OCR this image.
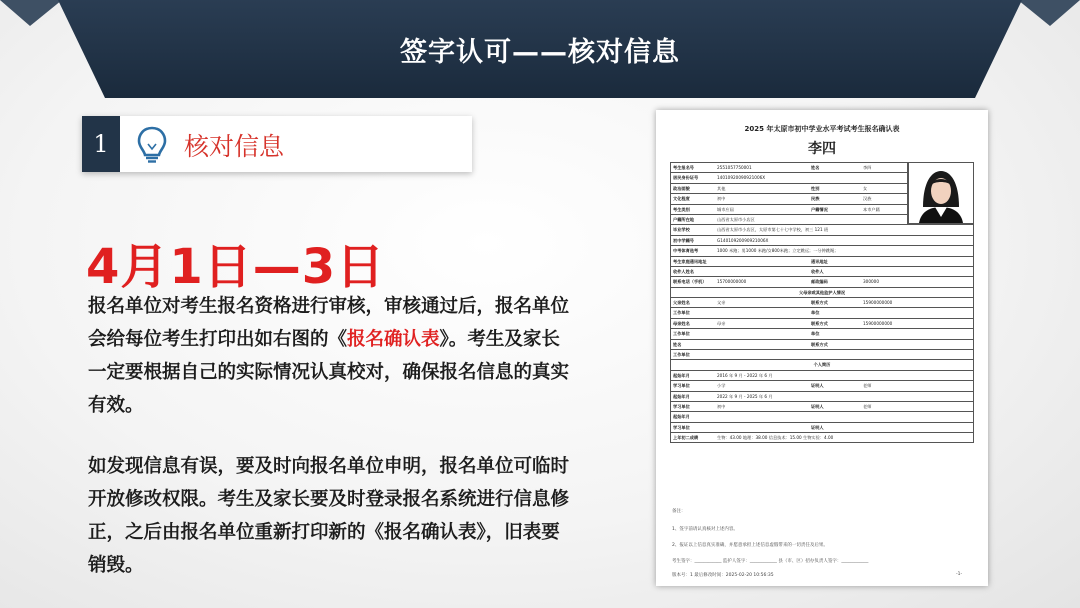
签字认可——核对信息
1	核对信息
4月1日—3日
报名单位对考生报名资格进行审核，审核通过后，报名单位会给每位考生打印出如右图的《报名确认表》。考生及家长一定要根据自己的实际情况认真校对，确保报名信息的真实有效。
如发现信息有误，要及时向报名单位申明，报名单位可临时开放修改权限。考生及家长要及时登录报名系统进行信息修正，之后由报名单位重新打印新的《报名确认表》，旧表要销毁。
2025 年太原市初中学业水平考试考生报名确认表
李四
考生报名号	2551057750001	姓名	李四
居民身份证号	14010920090921006X
政治面貌	其他	性别	女
文化程度	初中	民族	汉族
考生类别	城市应届	户籍情况	本市户籍
户籍所在地	山西省太原市小店区
毕业学校	山西省太原市小店区，太原市第七十七中学校，初三 121 班
初中学籍号	G14010920090921006X
中考体育选考	1000 米跑；男1000 米跑/女800米跑；立定跳远；一分钟跳绳；
考生家庭通讯地址	通讯地址
收件人姓名	收件人
联系电话（手机） 15700000000	邮政编码	300000
父母亲或其他监护人情况
父亲姓名	父亲	联系方式	15900000000
工作单位	单位
母亲姓名	母亲	联系方式	15900000000
工作单位	单位
姓名	联系方式
工作单位
个人简历
起始年月	2016 年 9 月 - 2022 年 6 月
学习单位	小学	证明人	老师
起始年月	2022 年 9 月 - 2025 年 6 月
学习单位	初中	证明人	老师
起始年月
学习单位	证明人
上年初二成绩	生物：43.00 地理：38.00 信息技术：15.00 生物实验：4.00
备注：
1、签字前请认真核对上述内容。
2、报证以上信息真实准确，并愿意承担上述信息虚假带来的一切责任及后果。
考生签字：____________ 监护人签字：____________ 县（市、区）招办负责人签字：____________
版本号：1 最后修改时间：2025-02-20 10:56:35	-1-
